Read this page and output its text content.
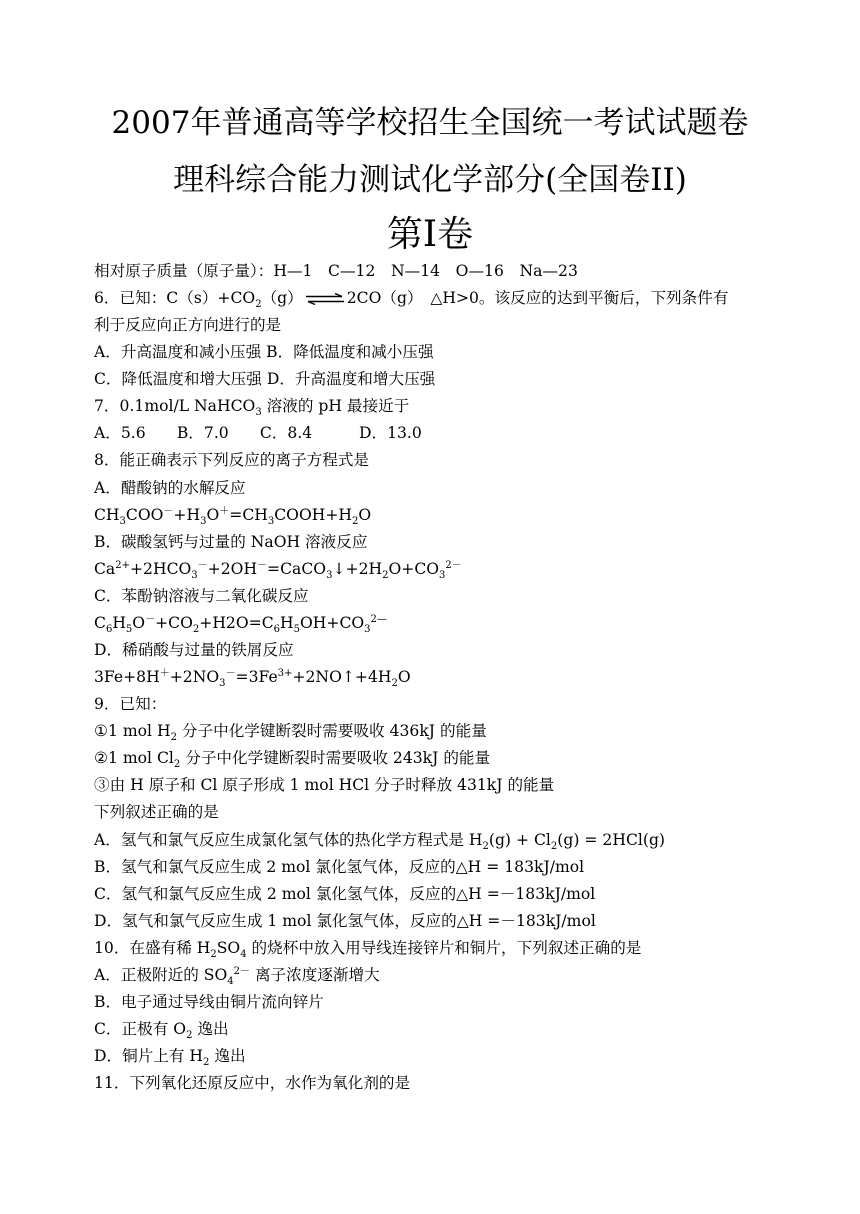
2007年普通高等学校招生全国统一考试试题卷
理科综合能力测试化学部分(全国卷II)
第Ⅰ卷
相对原子质量（原子量）：H—1　C—12　N—14　O—16　Na—23
6．已知：$C(s)+CO_2(g)\rightleftharpoons 2CO(g)$　△H>0。该反应的达到平衡后，下列条件有
利于反应向正方向进行的是
A．升高温度和减小压强 B．降低温度和减小压强
C．降低温度和增大压强 D．升高温度和增大压强
7．0.1mol/L NaHCO$_3$ 溶液的 pH 最接近于
A．5.6　　B．7.0　　C．8.4　　　D．13.0
8．能正确表示下列反应的离子方程式是
A．醋酸钠的水解反应
$CH_3COO^-+H_3O^+=CH_3COOH+H_2O$
B．碳酸氢钙与过量的 NaOH 溶液反应
$Ca^{2+}+2HCO_3^-+2OH^-=CaCO_3↓+2H_2O+CO_3^{2-}$
C．苯酚钠溶液与二氧化碳反应
$C_6H_5O^-+CO_2+H2O=C_6H_5OH+CO_3^{2—}$
D．稀硝酸与过量的铁屑反应
$3Fe+8H^++2NO_3^-=3Fe^{3+}+2NO↑+4H_2O$
9．已知：
①1 mol $H_2$ 分子中化学键断裂时需要吸收 436kJ 的能量
②1 mol $Cl_2$ 分子中化学键断裂时需要吸收 243kJ 的能量
③由 H 原子和 Cl 原子形成 1 mol HCl 分子时释放 431kJ 的能量
下列叙述正确的是
A．氢气和氯气反应生成氯化氢气体的热化学方程式是 $H_2(g) + Cl_2(g) = 2HCl(g)$
B．氢气和氯气反应生成 2 mol 氯化氢气体，反应的△H = 183kJ/mol
C．氢气和氯气反应生成 2 mol 氯化氢气体，反应的△H =－183kJ/mol
D．氢气和氯气反应生成 1 mol 氯化氢气体，反应的△H =－183kJ/mol
10．在盛有稀 $H_2SO_4$ 的烧杯中放入用导线连接锌片和铜片，下列叙述正确的是
A．正极附近的 $SO_4^{2-}$ 离子浓度逐渐增大
B．电子通过导线由铜片流向锌片
C．正极有 $O_2$ 逸出
D．铜片上有 $H_2$ 逸出
11．下列氧化还原反应中，水作为氧化剂的是
